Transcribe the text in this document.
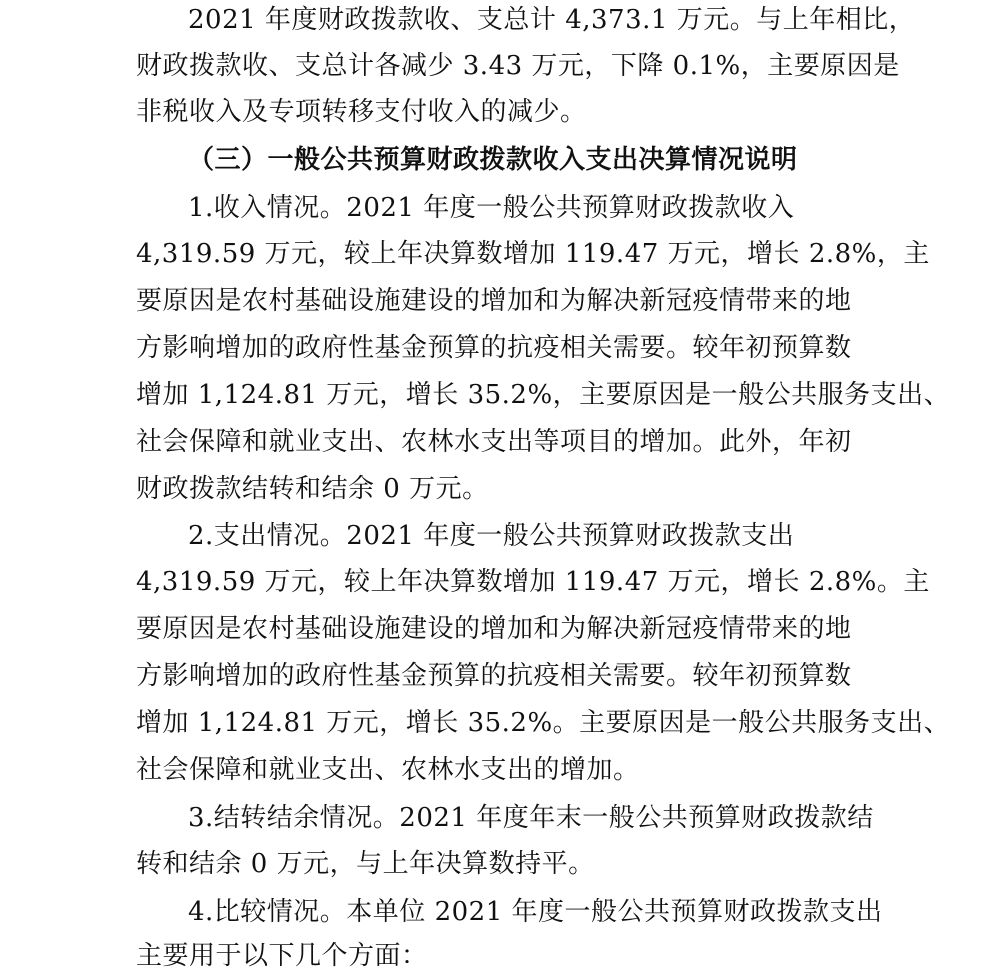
2021 年度财政拨款收、支总计 4,373.1 万元。与上年相比，
财政拨款收、支总计各减少 3.43 万元，下降 0.1%，主要原因是
非税收入及专项转移支付收入的减少。
（三）一般公共预算财政拨款收入支出决算情况说明
1.收入情况。2021 年度一般公共预算财政拨款收入
4,319.59 万元，较上年决算数增加 119.47 万元，增长 2.8%，主
要原因是农村基础设施建设的增加和为解决新冠疫情带来的地
方影响增加的政府性基金预算的抗疫相关需要。较年初预算数
增加 1,124.81 万元，增长 35.2%，主要原因是一般公共服务支出、
社会保障和就业支出、农林水支出等项目的增加。此外，年初
财政拨款结转和结余 0 万元。
2.支出情况。2021 年度一般公共预算财政拨款支出
4,319.59 万元，较上年决算数增加 119.47 万元，增长 2.8%。主
要原因是农村基础设施建设的增加和为解决新冠疫情带来的地
方影响增加的政府性基金预算的抗疫相关需要。较年初预算数
增加 1,124.81 万元，增长 35.2%。主要原因是一般公共服务支出、
社会保障和就业支出、农林水支出的增加。
3.结转结余情况。2021 年度年末一般公共预算财政拨款结
转和结余 0 万元，与上年决算数持平。
4.比较情况。本单位 2021 年度一般公共预算财政拨款支出
主要用于以下几个方面：
